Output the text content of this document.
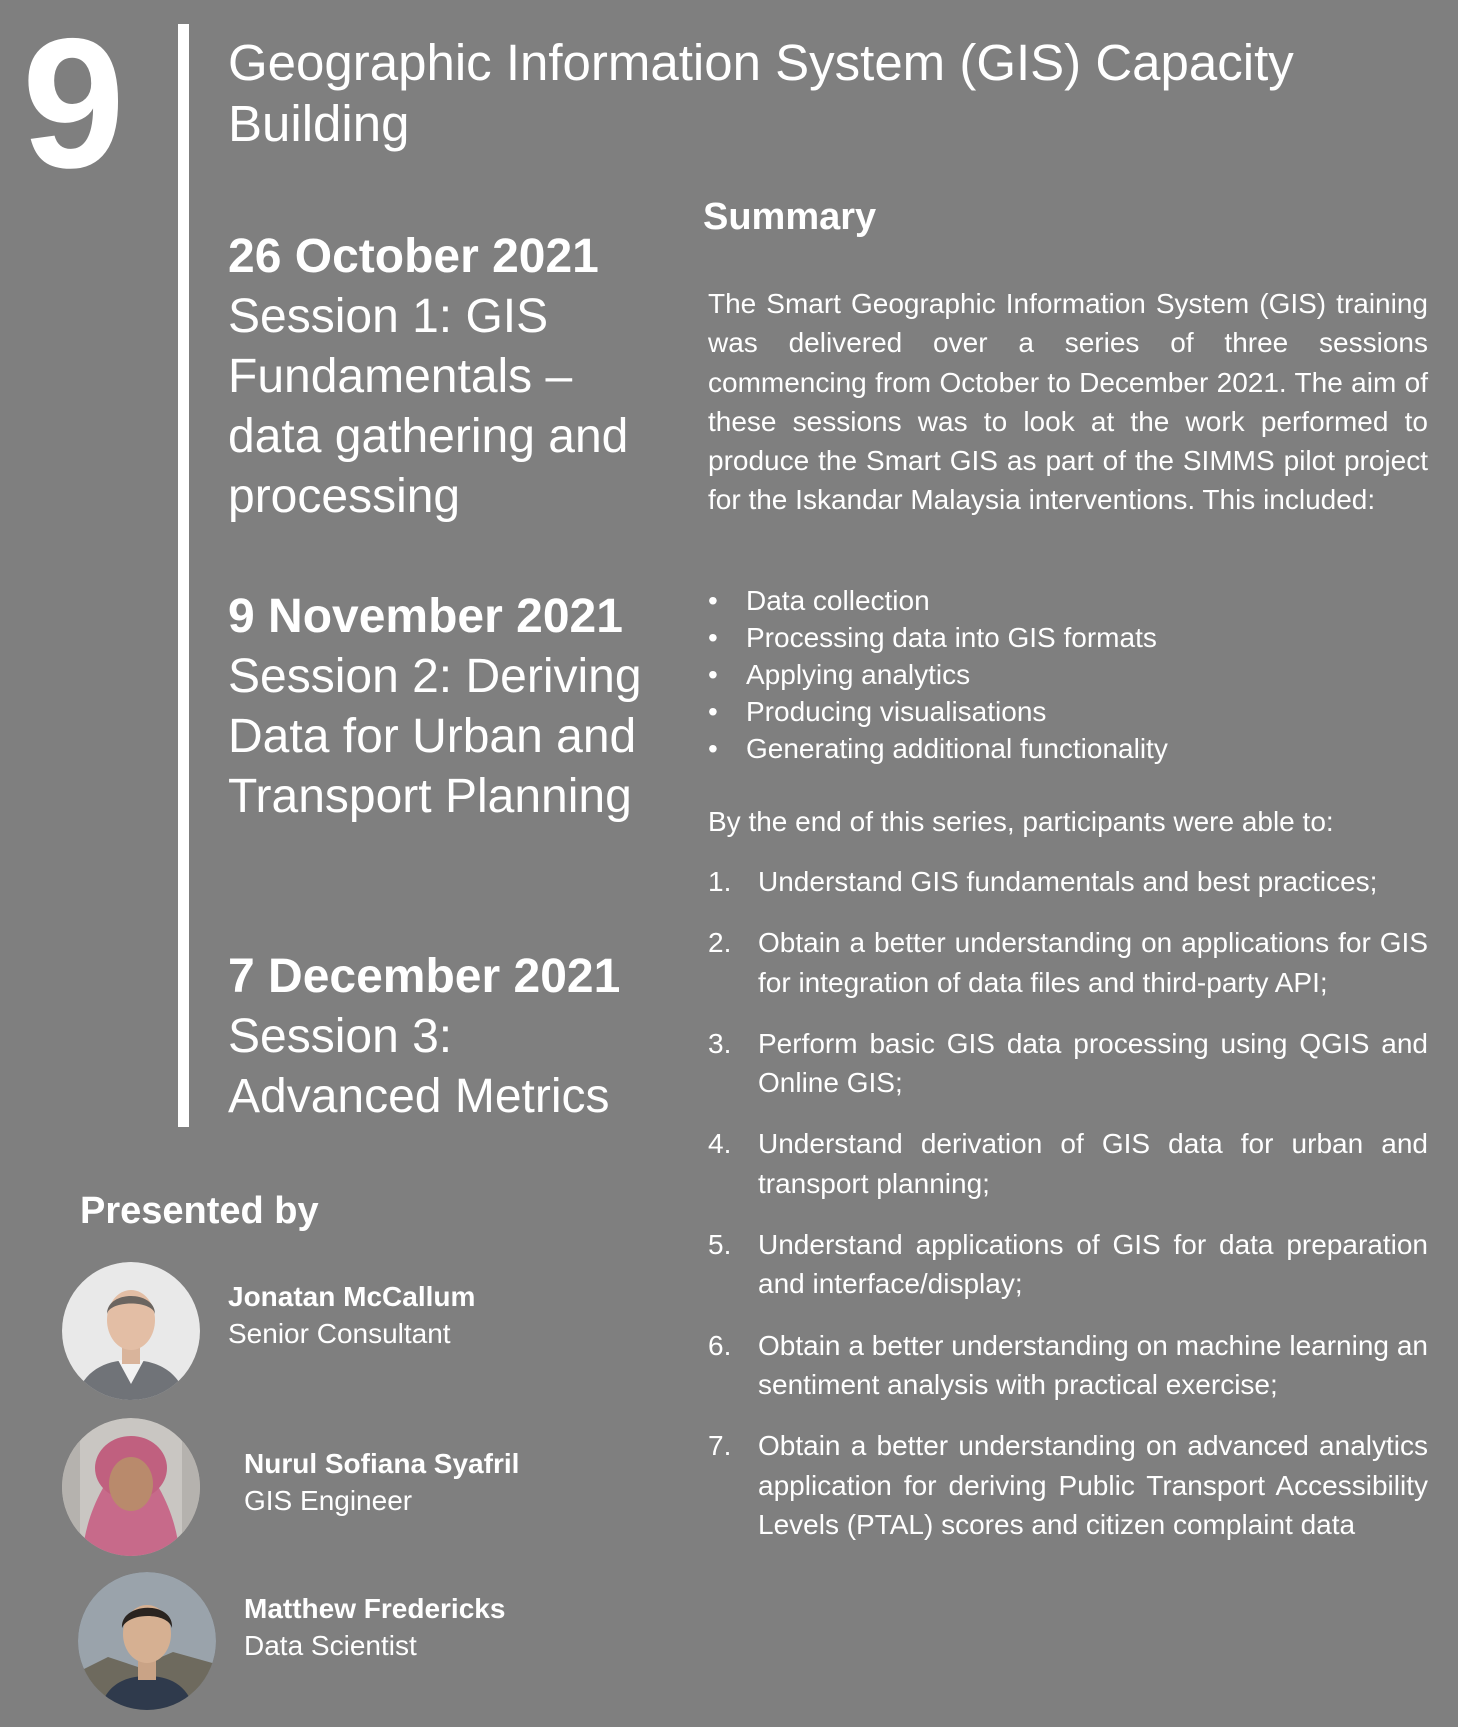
9 Geographic Information System (GIS) Capacity Building
26 October 2021
Session 1: GIS Fundamentals – data gathering and processing
9 November 2021
Session 2: Deriving Data for Urban and Transport Planning
7 December 2021
Session 3: Advanced Metrics
Summary
The Smart Geographic Information System (GIS) training was delivered over a series of three sessions commencing from October to December 2021. The aim of these sessions was to look at the work performed to produce the Smart GIS as part of the SIMMS pilot project for the Iskandar Malaysia interventions. This included:
• Data collection
• Processing data into GIS formats
• Applying analytics
• Producing visualisations
• Generating additional functionality
By the end of this series, participants were able to:
1. Understand GIS fundamentals and best practices;
2. Obtain a better understanding on applications for GIS for integration of data files and third-party API;
3. Perform basic GIS data processing using QGIS and Online GIS;
4. Understand derivation of GIS data for urban and transport planning;
5. Understand applications of GIS for data preparation and interface/display;
6. Obtain a better understanding on machine learning an sentiment analysis with practical exercise;
7. Obtain a better understanding on advanced analytics application for deriving Public Transport Accessibility Levels (PTAL) scores and citizen complaint data
Presented by
Jonatan McCallum
Senior Consultant
Nurul Sofiana Syafril
GIS Engineer
Matthew Fredericks
Data Scientist
